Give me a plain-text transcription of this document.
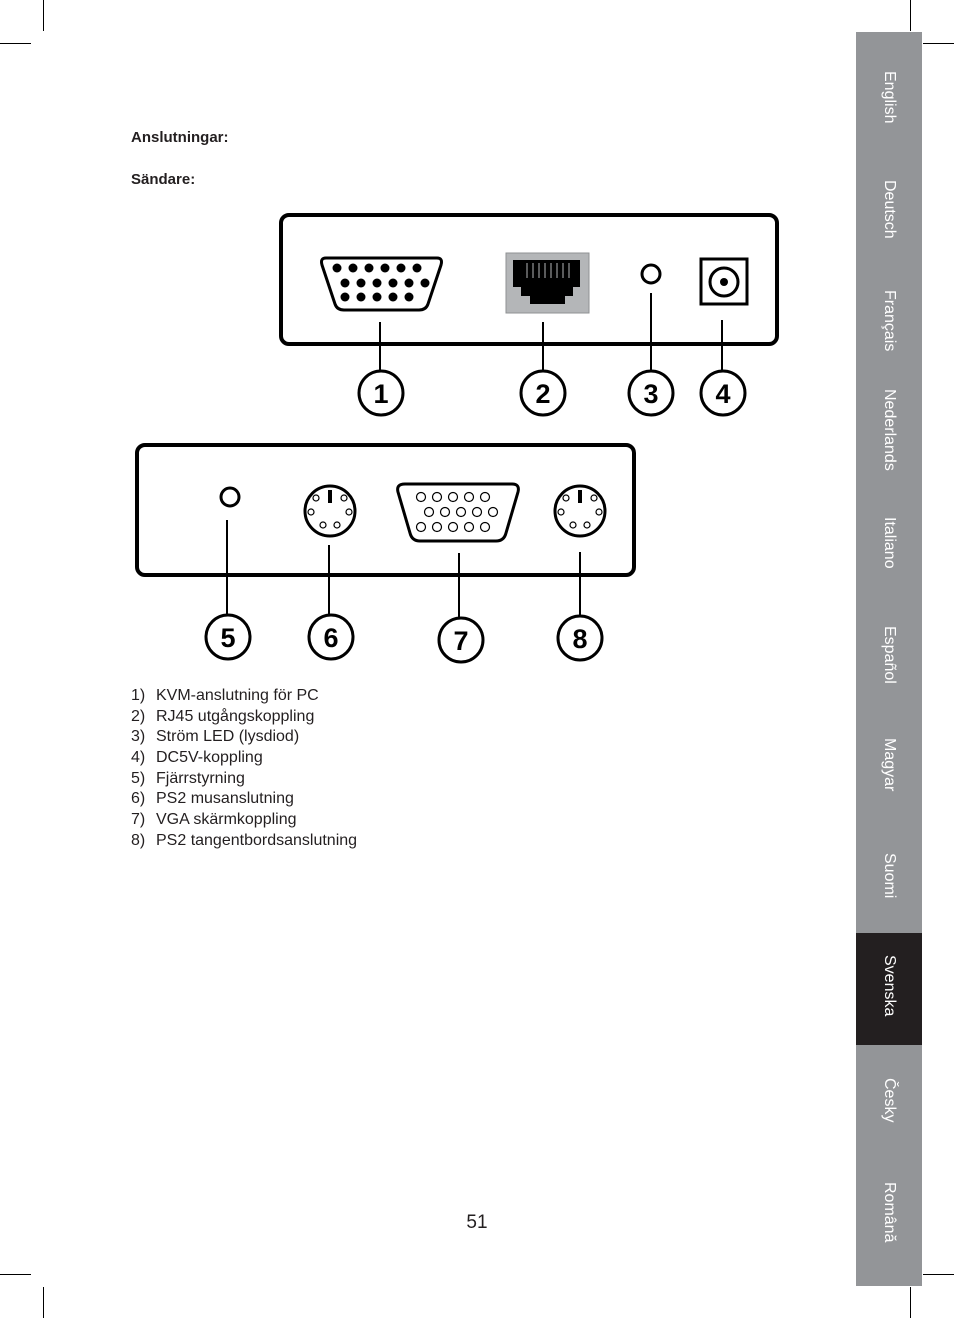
Anslutningar:
Sändare:
1	2	3 4
5	6	7	8
1) KVM-anslutning för PC
2) RJ45 utgångskoppling
3) Ström LED (lysdiod)
4) DC5V-koppling
5) Fjärrstyrning
6) PS2 musanslutning
7) VGA skärmkoppling
8) PS2 tangentbordsanslutning
51
English
Deutsch
Français
Nederlands
Italiano
Español
Magyar
Suomi
Svenska
Česky
Română
